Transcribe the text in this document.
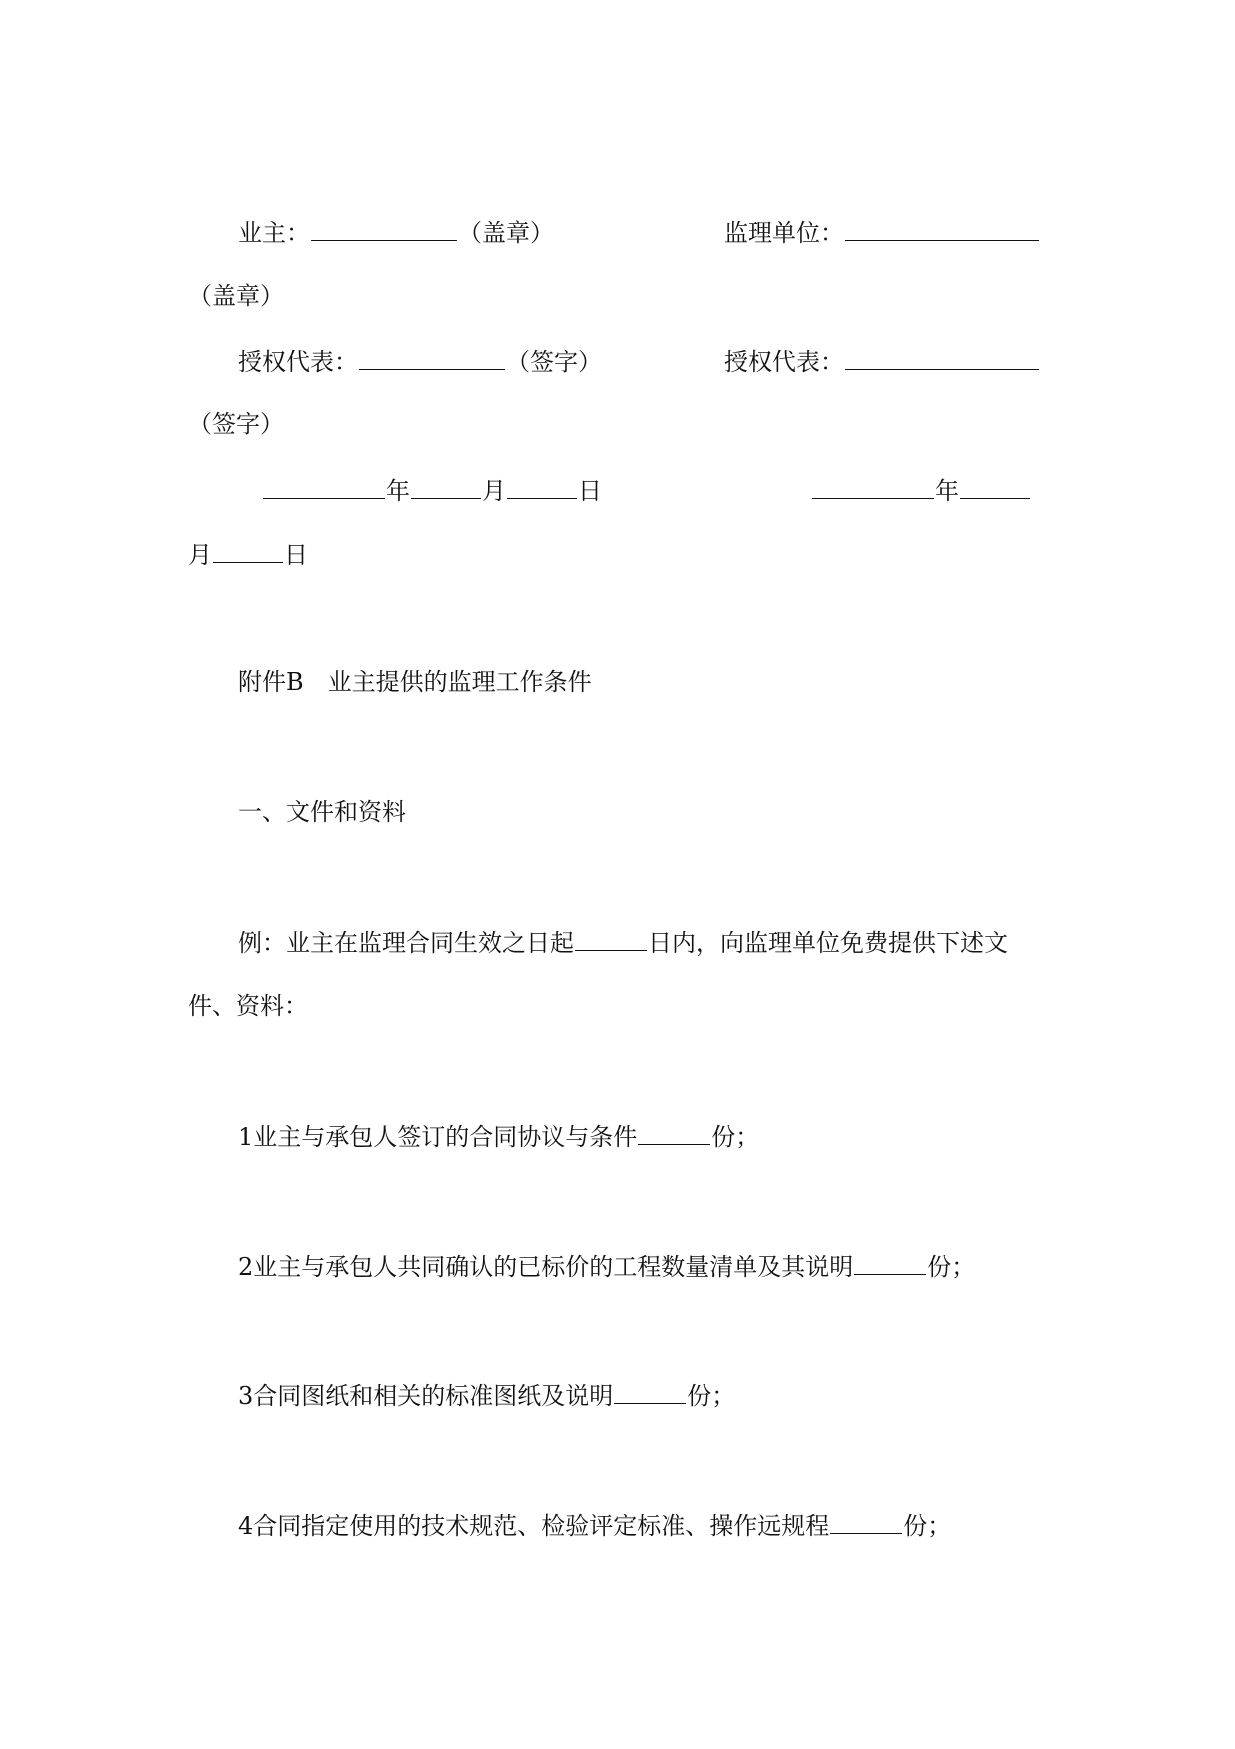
业主：	（盖章）	监理单位：
（盖章）
授权代表：	（签字）	授权代表：
（签字）
年	月	日	年
月	日
附件B　业主提供的监理工作条件
一、文件和资料
例：业主在监理合同生效之日起	日内，向监理单位免费提供下述文
件、资料：
1业主与承包人签订的合同协议与条件	份；
2业主与承包人共同确认的已标价的工程数量清单及其说明	份；
3合同图纸和相关的标准图纸及说明	份；
4合同指定使用的技术规范、检验评定标准、操作远规程	份；
